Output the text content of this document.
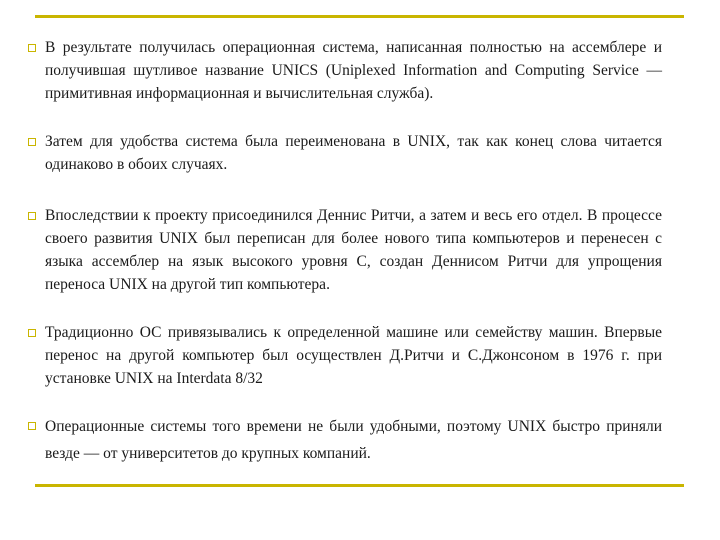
В результате получилась операционная система, написанная полностью на ассемблере и получившая шутливое название UNICS (Uniplexed Information and Computing Service — примитивная информационная и вычислительная служба).

Затем для удобства система была переименована в UNIX, так как конец слова читается одинаково в обоих случаях.

Впоследствии к проекту присоединился Деннис Ритчи, а затем и весь его отдел. В процессе своего развития UNIX был переписан для более нового типа компьютеров и перенесен с языка ассемблер на язык высокого уровня С, создан Деннисом Ритчи для упрощения переноса UNIX на другой тип компьютера.

Традиционно ОС привязывались к определенной машине или семейству машин. Впервые перенос на другой компьютер был осуществлен Д.Ритчи и С.Джонсоном в 1976 г. при установке UNIX на Interdata 8/32

Операционные системы того времени не были удобными, поэтому UNIX быстро приняли везде — от университетов до крупных компаний.
